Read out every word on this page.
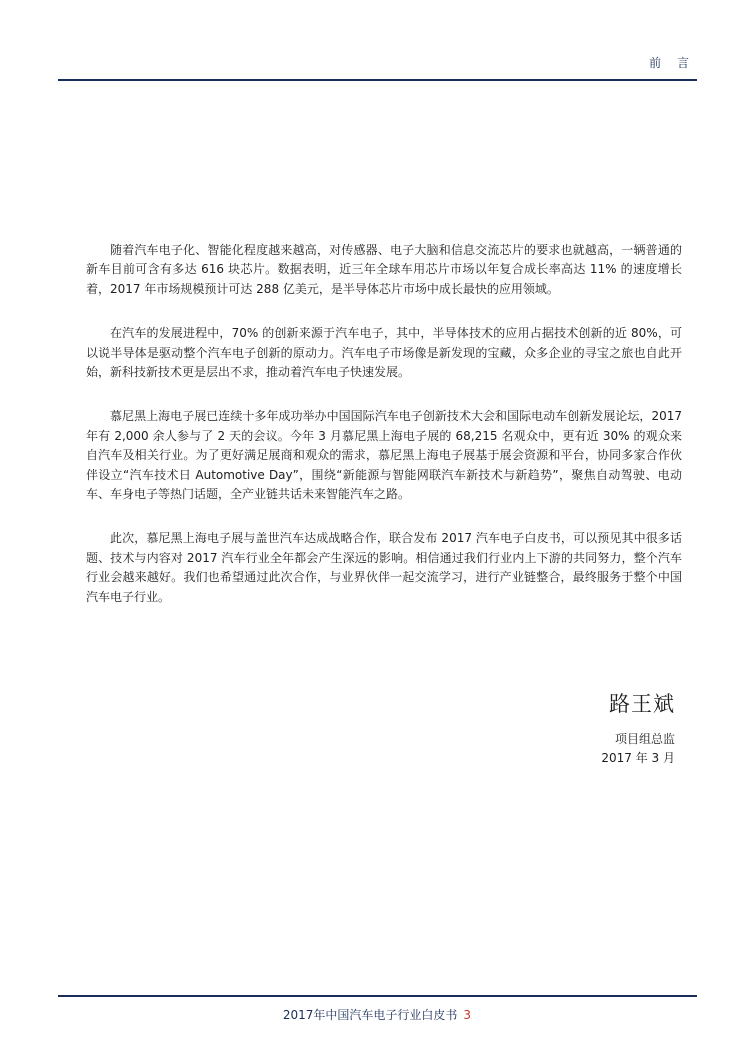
前 言

随着汽车电子化、智能化程度越来越高，对传感器、电子大脑和信息交流芯片的要求也就越高，一辆普通的新车目前可含有多达 616 块芯片。数据表明，近三年全球车用芯片市场以年复合成长率高达 11% 的速度增长着，2017 年市场规模预计可达 288 亿美元，是半导体芯片市场中成长最快的应用领域。

在汽车的发展进程中，70% 的创新来源于汽车电子，其中，半导体技术的应用占据技术创新的近 80%，可以说半导体是驱动整个汽车电子创新的原动力。汽车电子市场像是新发现的宝藏，众多企业的寻宝之旅也自此开始，新科技新技术更是层出不求，推动着汽车电子快速发展。

慕尼黑上海电子展已连续十多年成功举办中国国际汽车电子创新技术大会和国际电动车创新发展论坛，2017 年有 2,000 余人参与了 2 天的会议。今年 3 月慕尼黑上海电子展的 68,215 名观众中，更有近 30% 的观众来自汽车及相关行业。为了更好满足展商和观众的需求，慕尼黑上海电子展基于展会资源和平台，协同多家合作伙伴设立“汽车技术日 Automotive Day”，围绕“新能源与智能网联汽车新技术与新趋势”，聚焦自动驾驶、电动车、车身电子等热门话题，全产业链共话未来智能汽车之路。

此次，慕尼黑上海电子展与盖世汽车达成战略合作，联合发布 2017 汽车电子白皮书，可以预见其中很多话题、技术与内容对 2017 汽车行业全年都会产生深远的影响。相信通过我们行业内上下游的共同努力，整个汽车行业会越来越好。我们也希望通过此次合作，与业界伙伴一起交流学习，进行产业链整合，最终服务于整个中国汽车电子行业。

路王斌
项目组总监
2017 年 3 月
2017年中国汽车电子行业白皮书 3
